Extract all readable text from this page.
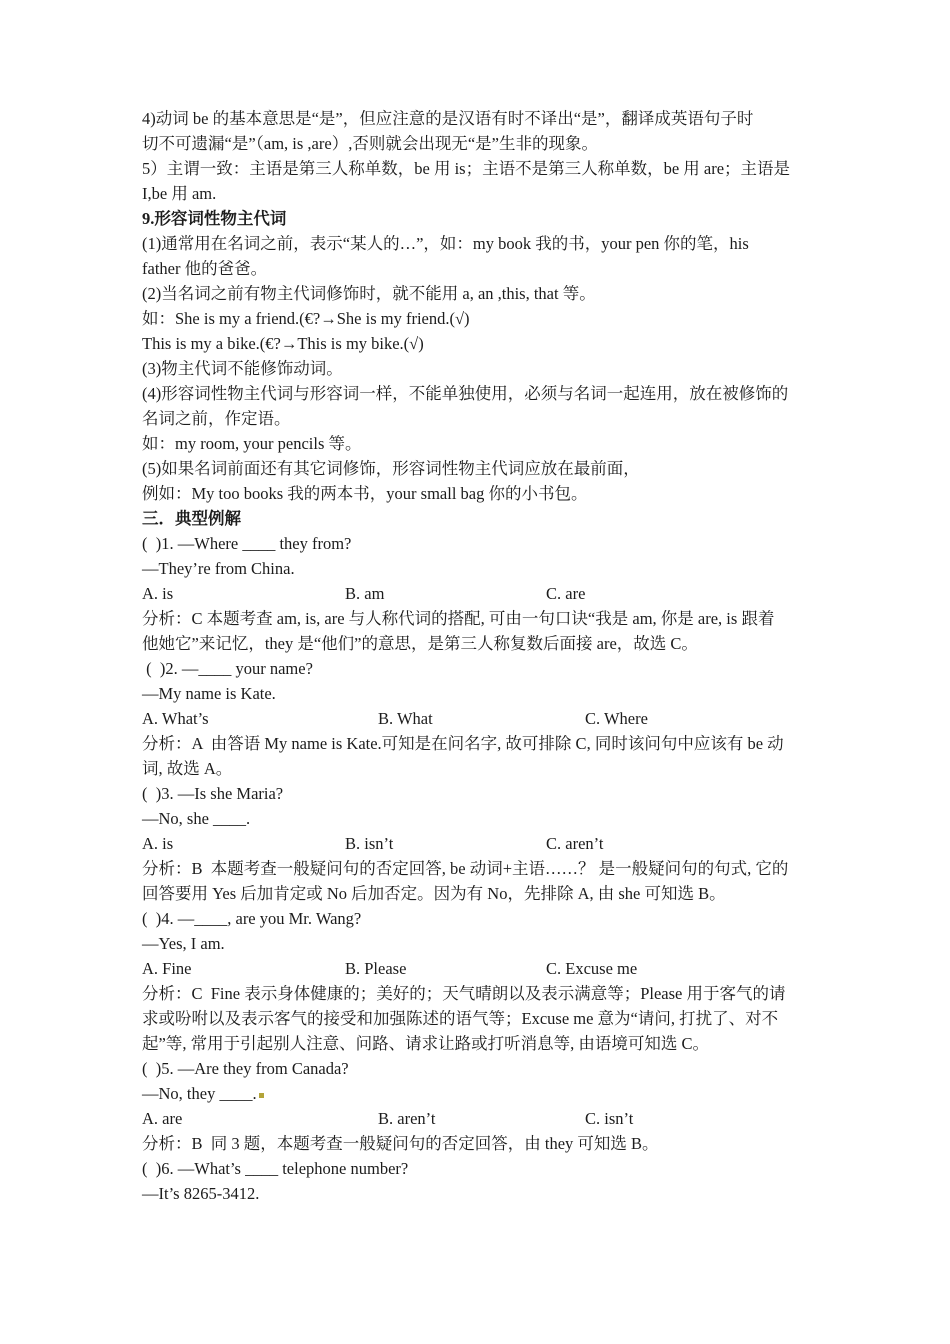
4)动词 be 的基本意思是“是”，但应注意的是汉语有时不译出“是”，翻译成英语句子时

切不可遗漏“是”（am, is ,are）,否则就会出现无“是”生非的现象。

5）主谓一致：主语是第三人称单数，be 用 is；主语不是第三人称单数，be 用 are；主语是

I,be 用 am.

9.形容词性物主代词

(1)通常用在名词之前，表示“某人的…”，如：my book 我的书，your pen 你的笔，his

father 他的爸爸。

(2)当名词之前有物主代词修饰时，就不能用 a, an ,this, that 等。

如：She is my a friend.(€?→She is my friend.(√)

This is my a bike.(€?→This is my bike.(√)

(3)物主代词不能修饰动词。

(4)形容词性物主代词与形容词一样，不能单独使用，必须与名词一起连用，放在被修饰的

名词之前，作定语。

如：my room, your pencils 等。

(5)如果名词前面还有其它词修饰，形容词性物主代词应放在最前面，

例如：My too books 我的两本书，your small bag 你的小书包。

三．典型例解

(  )1. —Where ____ they from?

—They’re from China.

A. is	B. am	C. are

分析：C 本题考查 am, is, are 与人称代词的搭配, 可由一句口诀“我是 am, 你是 are, is 跟着

他她它”来记忆，they 是“他们”的意思，是第三人称复数后面接 are，故选 C。

(  )2. —____ your name?

—My name is Kate.

A. What’s	B. What	C. Where

分析：A  由答语 My name is Kate.可知是在问名字, 故可排除 C, 同时该问句中应该有 be 动

词, 故选 A。

(  )3. —Is she Maria?

—No, she ____.

A. is	B. isn’t	C. aren’t

分析：B  本题考查一般疑问句的否定回答, be 动词+主语……？ 是一般疑问句的句式, 它的

回答要用 Yes 后加肯定或 No 后加否定。因为有 No，先排除 A, 由 she 可知选 B。

(  )4. —____, are you Mr. Wang?

—Yes, I am.

A. Fine	B. Please	C. Excuse me

分析：C  Fine 表示身体健康的；美好的；天气晴朗以及表示满意等；Please 用于客气的请

求或吩咐以及表示客气的接受和加强陈述的语气等；Excuse me 意为“请问, 打扰了、对不

起”等, 常用于引起别人注意、问路、请求让路或打听消息等, 由语境可知选 C。

(  )5. —Are they from Canada?

—No, they ____.

A. are	B. aren’t	C. isn’t

分析：B  同 3 题，本题考查一般疑问句的否定回答，由 they 可知选 B。

(  )6. —What’s ____ telephone number?

—It’s 8265-3412.
